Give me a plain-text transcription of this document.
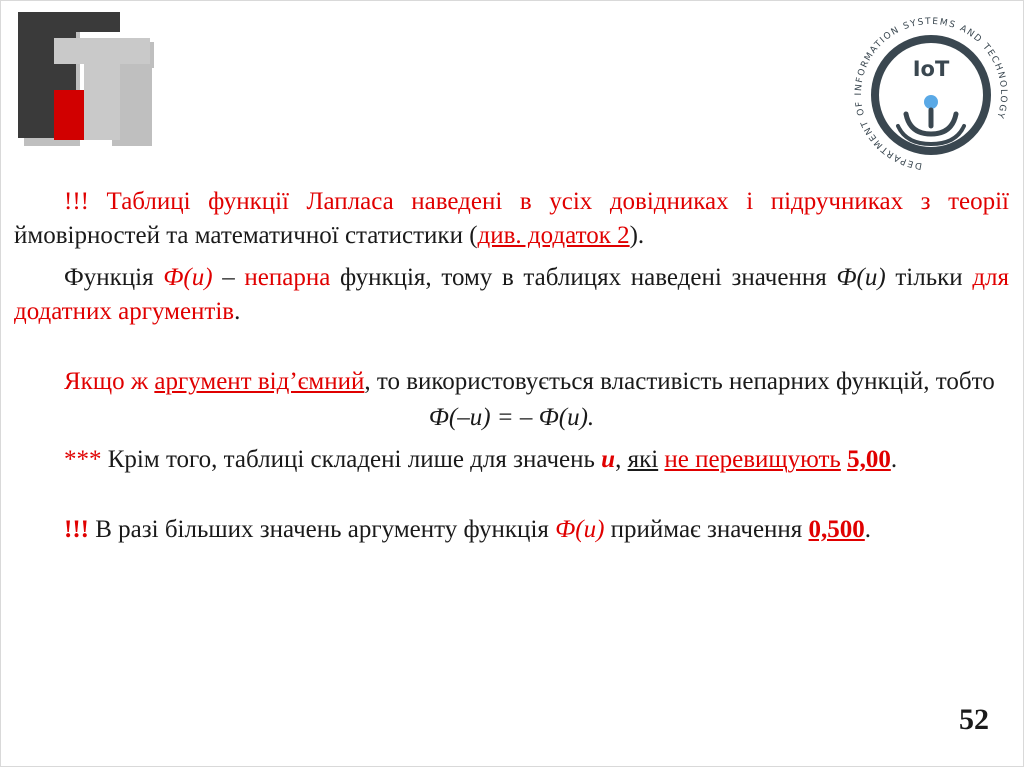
DEPARTMENT OF INFORMATION SYSTEMS AND TECHNOLOGY
IoT

!!! Таблиці функції Лапласа наведені в усіх довідниках і підручниках з теорії ймовірностей та математичної статистики (див. додаток 2).

Функція Ф(u) – непарна функція, тому в таблицях наведені значення Ф(u) тільки для додатних аргументів.

Якщо ж аргумент від’ємний, то використовується властивість непарних функцій, тобто

Ф(–u) = – Ф(u).

*** Крім того, таблиці складені лише для значень u, які не перевищують 5,00.

!!! В разі більших значень аргументу функція Ф(u) приймає значення 0,500.

52
